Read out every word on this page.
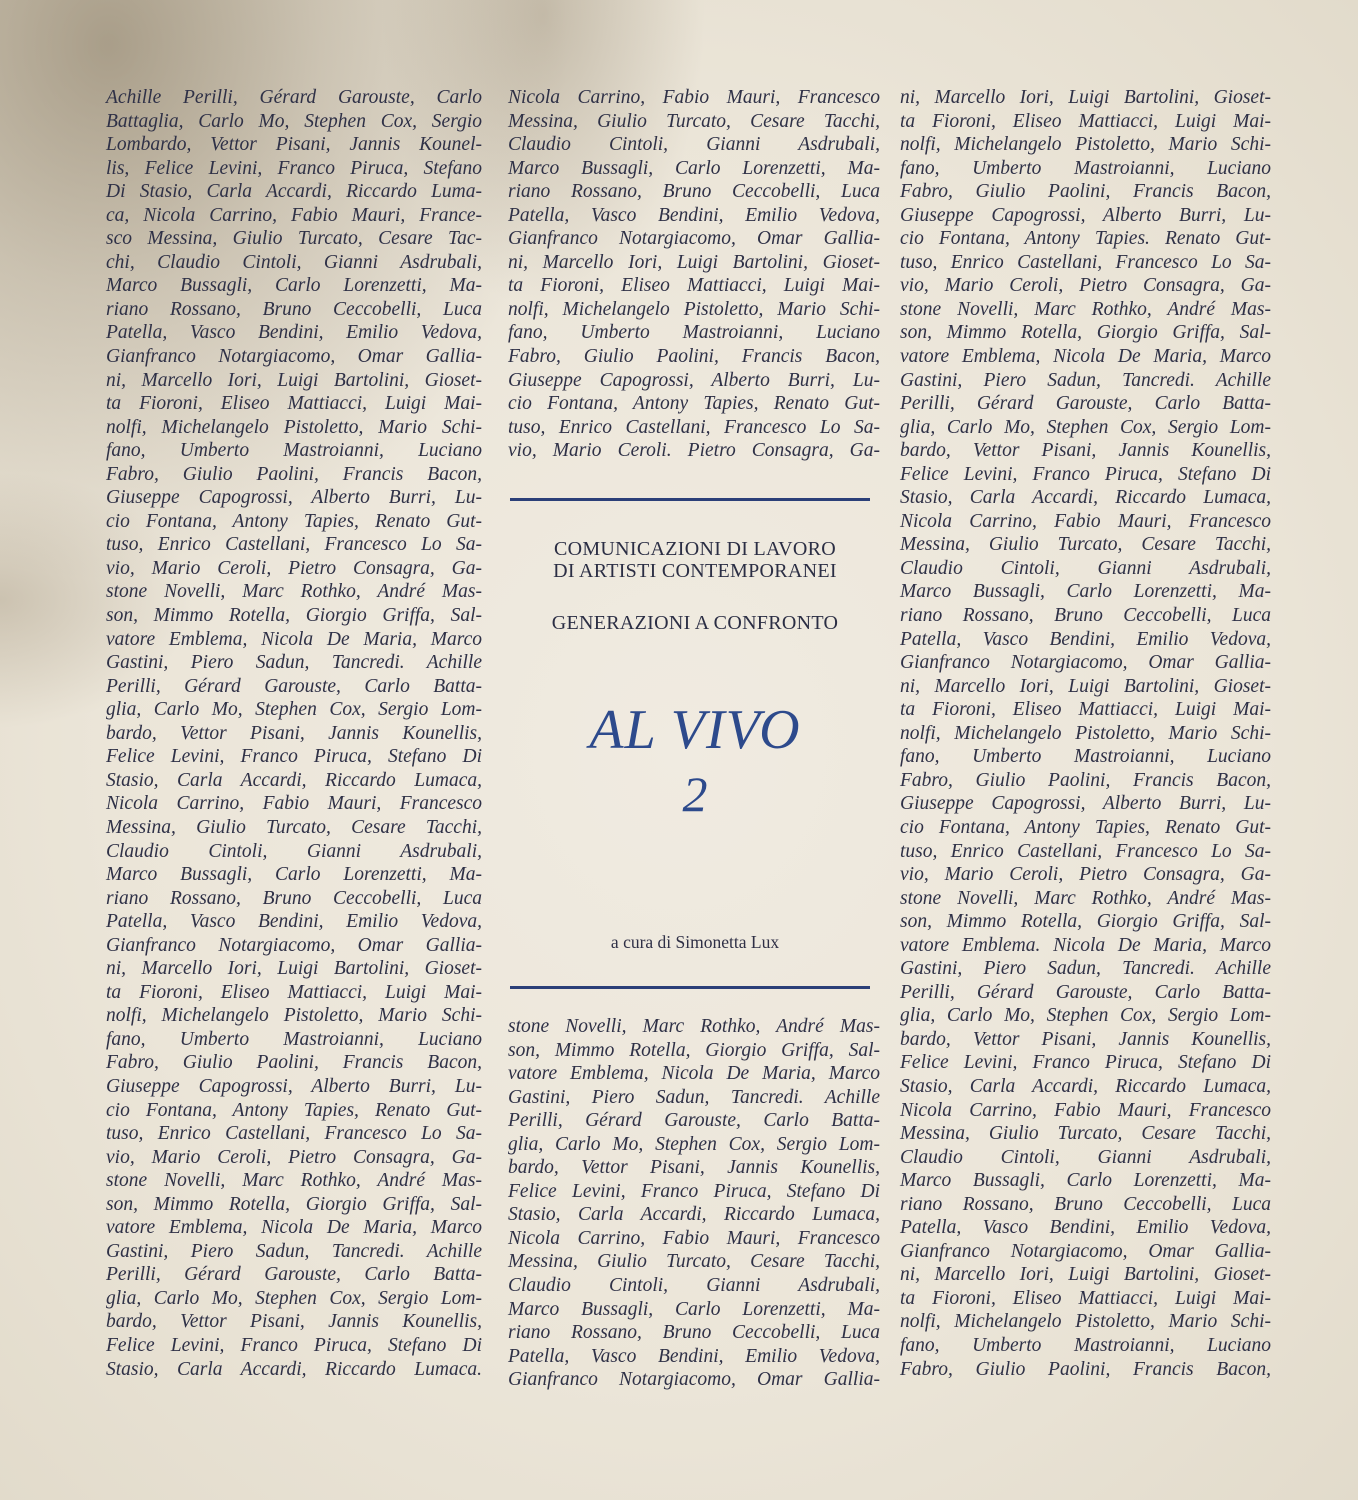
Achille Perilli, Gérard Garouste, Carlo
Battaglia, Carlo Mo, Stephen Cox, Sergio
Lombardo, Vettor Pisani, Jannis Kounel-
lis, Felice Levini, Franco Piruca, Stefano
Di Stasio, Carla Accardi, Riccardo Luma-
ca, Nicola Carrino, Fabio Mauri, France-
sco Messina, Giulio Turcato, Cesare Tac-
chi, Claudio Cintoli, Gianni Asdrubali,
Marco Bussagli, Carlo Lorenzetti, Ma-
riano Rossano, Bruno Ceccobelli, Luca
Patella, Vasco Bendini, Emilio Vedova,
Gianfranco Notargiacomo, Omar Gallia-
ni, Marcello Iori, Luigi Bartolini, Gioset-
ta Fioroni, Eliseo Mattiacci, Luigi Mai-
nolfi, Michelangelo Pistoletto, Mario Schi-
fano, Umberto Mastroianni, Luciano
Fabro, Giulio Paolini, Francis Bacon,
Giuseppe Capogrossi, Alberto Burri, Lu-
cio Fontana, Antony Tapies, Renato Gut-
tuso, Enrico Castellani, Francesco Lo Sa-
vio, Mario Ceroli, Pietro Consagra, Ga-
stone Novelli, Marc Rothko, André Mas-
son, Mimmo Rotella, Giorgio Griffa, Sal-
vatore Emblema, Nicola De Maria, Marco
Gastini, Piero Sadun, Tancredi. Achille
Perilli, Gérard Garouste, Carlo Batta-
glia, Carlo Mo, Stephen Cox, Sergio Lom-
bardo, Vettor Pisani, Jannis Kounellis,
Felice Levini, Franco Piruca, Stefano Di
Stasio, Carla Accardi, Riccardo Lumaca,
Nicola Carrino, Fabio Mauri, Francesco
Messina, Giulio Turcato, Cesare Tacchi,
Claudio Cintoli, Gianni Asdrubali,
Marco Bussagli, Carlo Lorenzetti, Ma-
riano Rossano, Bruno Ceccobelli, Luca
Patella, Vasco Bendini, Emilio Vedova,
Gianfranco Notargiacomo, Omar Gallia-
ni, Marcello Iori, Luigi Bartolini, Gioset-
ta Fioroni, Eliseo Mattiacci, Luigi Mai-
nolfi, Michelangelo Pistoletto, Mario Schi-
fano, Umberto Mastroianni, Luciano
Fabro, Giulio Paolini, Francis Bacon,
Giuseppe Capogrossi, Alberto Burri, Lu-
cio Fontana, Antony Tapies, Renato Gut-
tuso, Enrico Castellani, Francesco Lo Sa-
vio, Mario Ceroli, Pietro Consagra, Ga-
stone Novelli, Marc Rothko, André Mas-
son, Mimmo Rotella, Giorgio Griffa, Sal-
vatore Emblema, Nicola De Maria, Marco
Gastini, Piero Sadun, Tancredi. Achille
Perilli, Gérard Garouste, Carlo Batta-
glia, Carlo Mo, Stephen Cox, Sergio Lom-
bardo, Vettor Pisani, Jannis Kounellis,
Felice Levini, Franco Piruca, Stefano Di
Stasio, Carla Accardi, Riccardo Lumaca.
Nicola Carrino, Fabio Mauri, Francesco
Messina, Giulio Turcato, Cesare Tacchi,
Claudio Cintoli, Gianni Asdrubali,
Marco Bussagli, Carlo Lorenzetti, Ma-
riano Rossano, Bruno Ceccobelli, Luca
Patella, Vasco Bendini, Emilio Vedova,
Gianfranco Notargiacomo, Omar Gallia-
ni, Marcello Iori, Luigi Bartolini, Gioset-
ta Fioroni, Eliseo Mattiacci, Luigi Mai-
nolfi, Michelangelo Pistoletto, Mario Schi-
fano, Umberto Mastroianni, Luciano
Fabro, Giulio Paolini, Francis Bacon,
Giuseppe Capogrossi, Alberto Burri, Lu-
cio Fontana, Antony Tapies, Renato Gut-
tuso, Enrico Castellani, Francesco Lo Sa-
vio, Mario Ceroli. Pietro Consagra, Ga-
COMUNICAZIONI DI LAVORO
DI ARTISTI CONTEMPORANEI
GENERAZIONI A CONFRONTO
AL VIVO
2
a cura di Simonetta Lux
stone Novelli, Marc Rothko, André Mas-
son, Mimmo Rotella, Giorgio Griffa, Sal-
vatore Emblema, Nicola De Maria, Marco
Gastini, Piero Sadun, Tancredi. Achille
Perilli, Gérard Garouste, Carlo Batta-
glia, Carlo Mo, Stephen Cox, Sergio Lom-
bardo, Vettor Pisani, Jannis Kounellis,
Felice Levini, Franco Piruca, Stefano Di
Stasio, Carla Accardi, Riccardo Lumaca,
Nicola Carrino, Fabio Mauri, Francesco
Messina, Giulio Turcato, Cesare Tacchi,
Claudio Cintoli, Gianni Asdrubali,
Marco Bussagli, Carlo Lorenzetti, Ma-
riano Rossano, Bruno Ceccobelli, Luca
Patella, Vasco Bendini, Emilio Vedova,
Gianfranco Notargiacomo, Omar Gallia-
ni, Marcello Iori, Luigi Bartolini, Gioset-
ta Fioroni, Eliseo Mattiacci, Luigi Mai-
nolfi, Michelangelo Pistoletto, Mario Schi-
fano, Umberto Mastroianni, Luciano
Fabro, Giulio Paolini, Francis Bacon,
Giuseppe Capogrossi, Alberto Burri, Lu-
cio Fontana, Antony Tapies. Renato Gut-
tuso, Enrico Castellani, Francesco Lo Sa-
vio, Mario Ceroli, Pietro Consagra, Ga-
stone Novelli, Marc Rothko, André Mas-
son, Mimmo Rotella, Giorgio Griffa, Sal-
vatore Emblema, Nicola De Maria, Marco
Gastini, Piero Sadun, Tancredi. Achille
Perilli, Gérard Garouste, Carlo Batta-
glia, Carlo Mo, Stephen Cox, Sergio Lom-
bardo, Vettor Pisani, Jannis Kounellis,
Felice Levini, Franco Piruca, Stefano Di
Stasio, Carla Accardi, Riccardo Lumaca,
Nicola Carrino, Fabio Mauri, Francesco
Messina, Giulio Turcato, Cesare Tacchi,
Claudio Cintoli, Gianni Asdrubali,
Marco Bussagli, Carlo Lorenzetti, Ma-
riano Rossano, Bruno Ceccobelli, Luca
Patella, Vasco Bendini, Emilio Vedova,
Gianfranco Notargiacomo, Omar Gallia-
ni, Marcello Iori, Luigi Bartolini, Gioset-
ta Fioroni, Eliseo Mattiacci, Luigi Mai-
nolfi, Michelangelo Pistoletto, Mario Schi-
fano, Umberto Mastroianni, Luciano
Fabro, Giulio Paolini, Francis Bacon,
Giuseppe Capogrossi, Alberto Burri, Lu-
cio Fontana, Antony Tapies, Renato Gut-
tuso, Enrico Castellani, Francesco Lo Sa-
vio, Mario Ceroli, Pietro Consagra, Ga-
stone Novelli, Marc Rothko, André Mas-
son, Mimmo Rotella, Giorgio Griffa, Sal-
vatore Emblema. Nicola De Maria, Marco
Gastini, Piero Sadun, Tancredi. Achille
Perilli, Gérard Garouste, Carlo Batta-
glia, Carlo Mo, Stephen Cox, Sergio Lom-
bardo, Vettor Pisani, Jannis Kounellis,
Felice Levini, Franco Piruca, Stefano Di
Stasio, Carla Accardi, Riccardo Lumaca,
Nicola Carrino, Fabio Mauri, Francesco
Messina, Giulio Turcato, Cesare Tacchi,
Claudio Cintoli, Gianni Asdrubali,
Marco Bussagli, Carlo Lorenzetti, Ma-
riano Rossano, Bruno Ceccobelli, Luca
Patella, Vasco Bendini, Emilio Vedova,
Gianfranco Notargiacomo, Omar Gallia-
ni, Marcello Iori, Luigi Bartolini, Gioset-
ta Fioroni, Eliseo Mattiacci, Luigi Mai-
nolfi, Michelangelo Pistoletto, Mario Schi-
fano, Umberto Mastroianni, Luciano
Fabro, Giulio Paolini, Francis Bacon,
